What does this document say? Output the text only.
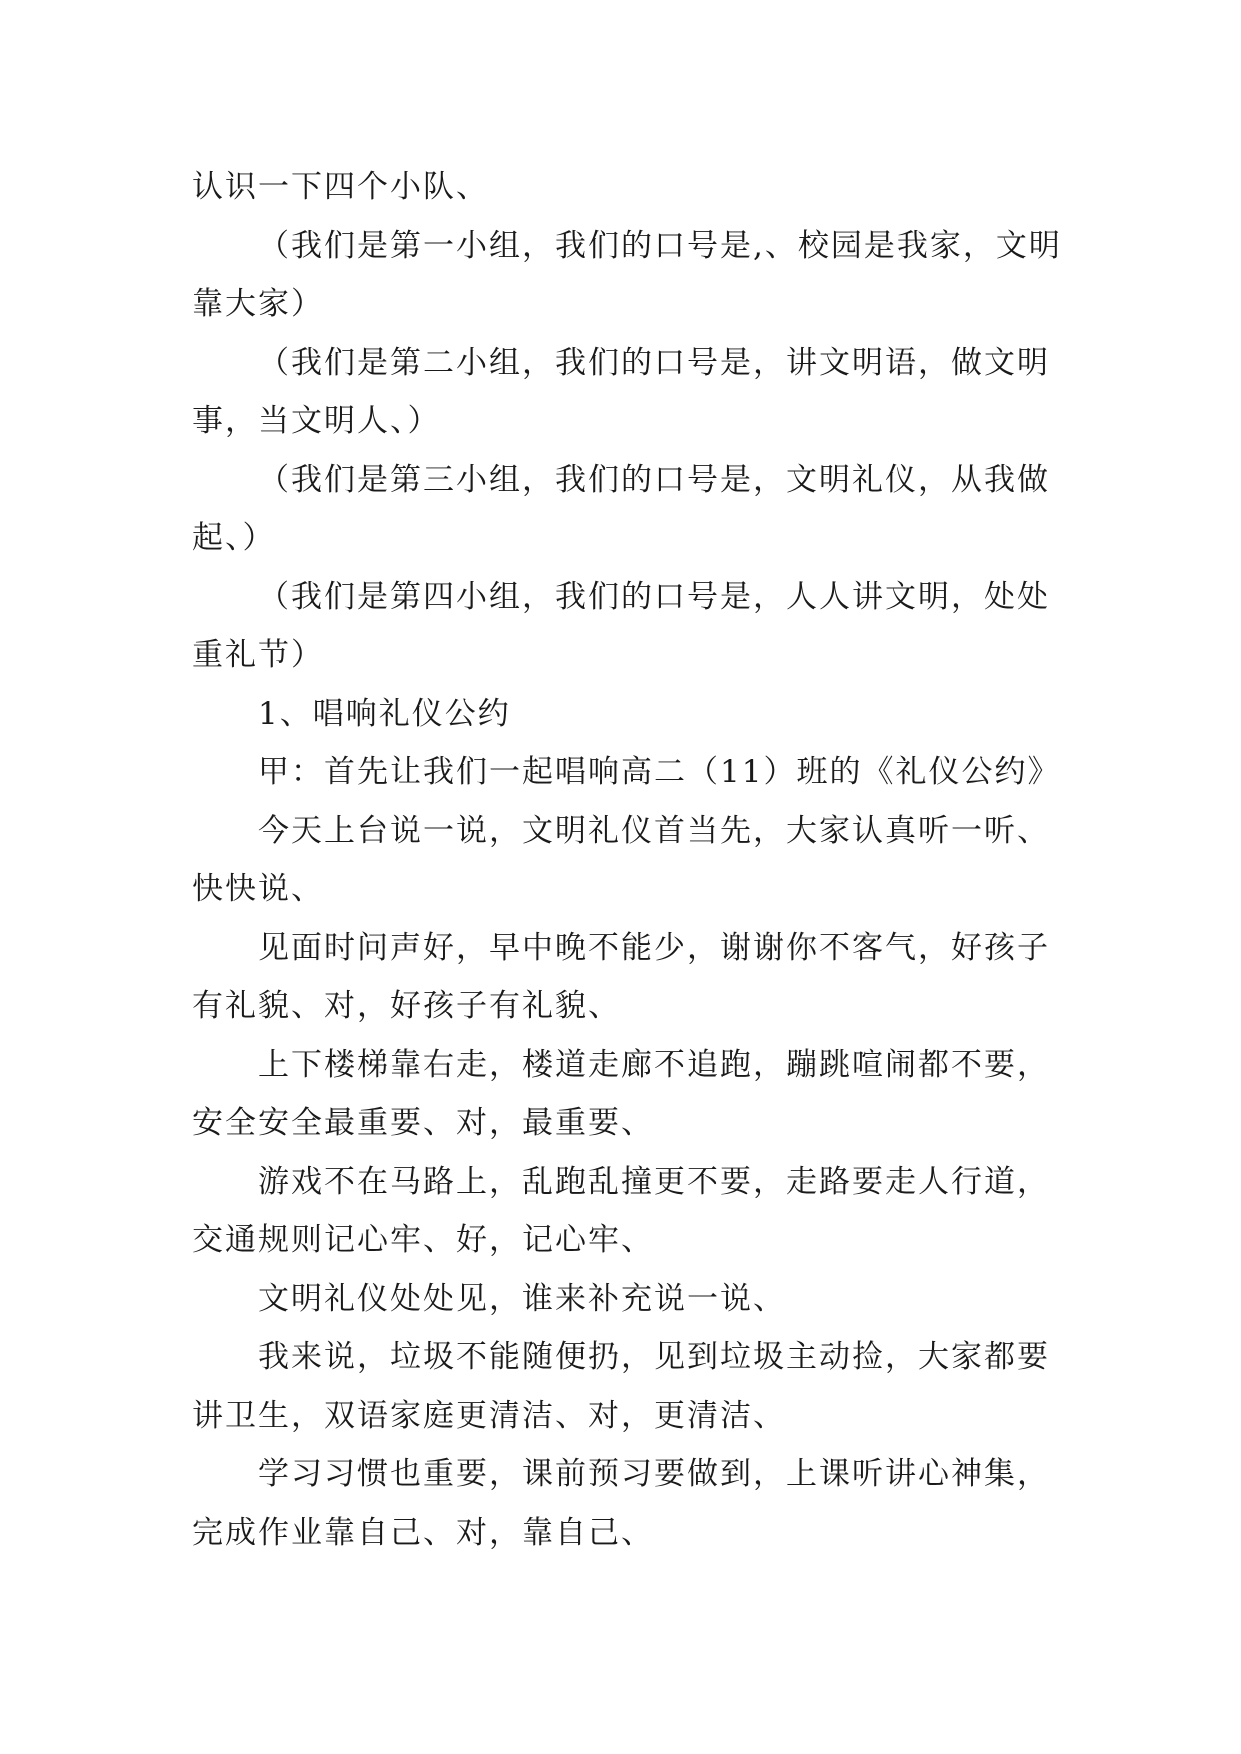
认识一下四个小队、

（我们是第一小组，我们的口号是,、校园是我家，文明靠大家）

（我们是第二小组，我们的口号是，讲文明语，做文明事，当文明人、）

（我们是第三小组，我们的口号是，文明礼仪，从我做起、）

（我们是第四小组，我们的口号是，人人讲文明，处处重礼节）

1、唱响礼仪公约

甲：首先让我们一起唱响高二（11）班的《礼仪公约》

今天上台说一说，文明礼仪首当先，大家认真听一听、快快说、

见面时问声好，早中晚不能少，谢谢你不客气，好孩子有礼貌、对，好孩子有礼貌、

上下楼梯靠右走，楼道走廊不追跑，蹦跳喧闹都不要，安全安全最重要、对，最重要、

游戏不在马路上，乱跑乱撞更不要，走路要走人行道，交通规则记心牢、好，记心牢、

文明礼仪处处见，谁来补充说一说、

我来说，垃圾不能随便扔，见到垃圾主动捡，大家都要讲卫生，双语家庭更清洁、对，更清洁、

学习习惯也重要，课前预习要做到，上课听讲心神集，完成作业靠自己、对，靠自己、
